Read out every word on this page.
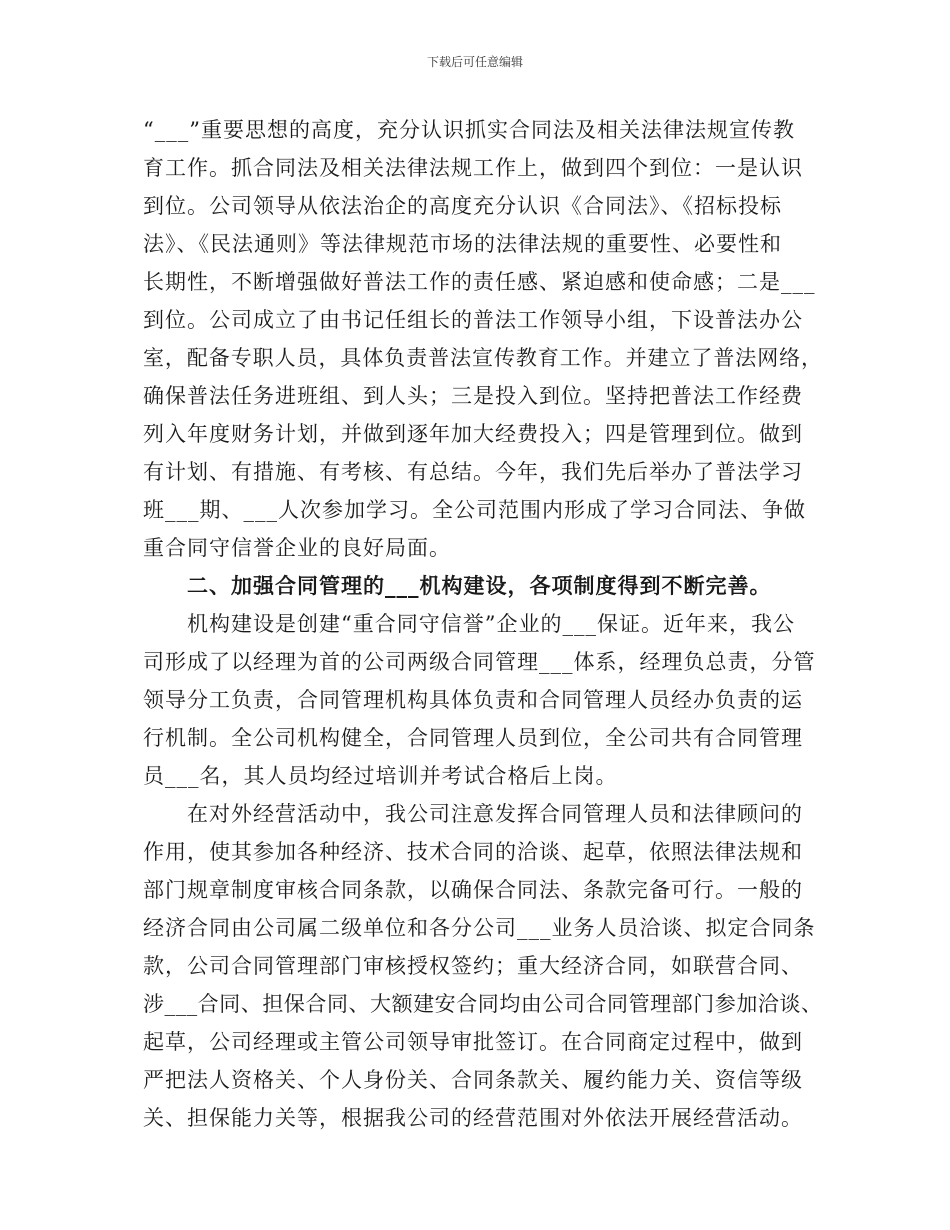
下载后可任意编辑
“___”重要思想的高度，充分认识抓实合同法及相关法律法规宣传教
育工作。抓合同法及相关法律法规工作上，做到四个到位：一是认识
到位。公司领导从依法治企的高度充分认识《合同法》、《招标投标
法》、《民法通则》等法律规范市场的法律法规的重要性、必要性和
长期性，不断增强做好普法工作的责任感、紧迫感和使命感；二是___
到位。公司成立了由书记任组长的普法工作领导小组，下设普法办公
室，配备专职人员，具体负责普法宣传教育工作。并建立了普法网络，
确保普法任务进班组、到人头；三是投入到位。坚持把普法工作经费
列入年度财务计划，并做到逐年加大经费投入；四是管理到位。做到
有计划、有措施、有考核、有总结。今年，我们先后举办了普法学习
班___期、___人次参加学习。全公司范围内形成了学习合同法、争做
重合同守信誉企业的良好局面。
二、加强合同管理的___机构建设，各项制度得到不断完善。
机构建设是创建“重合同守信誉”企业的___保证。近年来，我公
司形成了以经理为首的公司两级合同管理___体系，经理负总责，分管
领导分工负责，合同管理机构具体负责和合同管理人员经办负责的运
行机制。全公司机构健全，合同管理人员到位，全公司共有合同管理
员___名，其人员均经过培训并考试合格后上岗。
在对外经营活动中，我公司注意发挥合同管理人员和法律顾问的
作用，使其参加各种经济、技术合同的洽谈、起草，依照法律法规和
部门规章制度审核合同条款，以确保合同法、条款完备可行。一般的
经济合同由公司属二级单位和各分公司___业务人员洽谈、拟定合同条
款，公司合同管理部门审核授权签约；重大经济合同，如联营合同、
涉___合同、担保合同、大额建安合同均由公司合同管理部门参加洽谈、
起草，公司经理或主管公司领导审批签订。在合同商定过程中，做到
严把法人资格关、个人身份关、合同条款关、履约能力关、资信等级
关、担保能力关等，根据我公司的经营范围对外依法开展经营活动。
